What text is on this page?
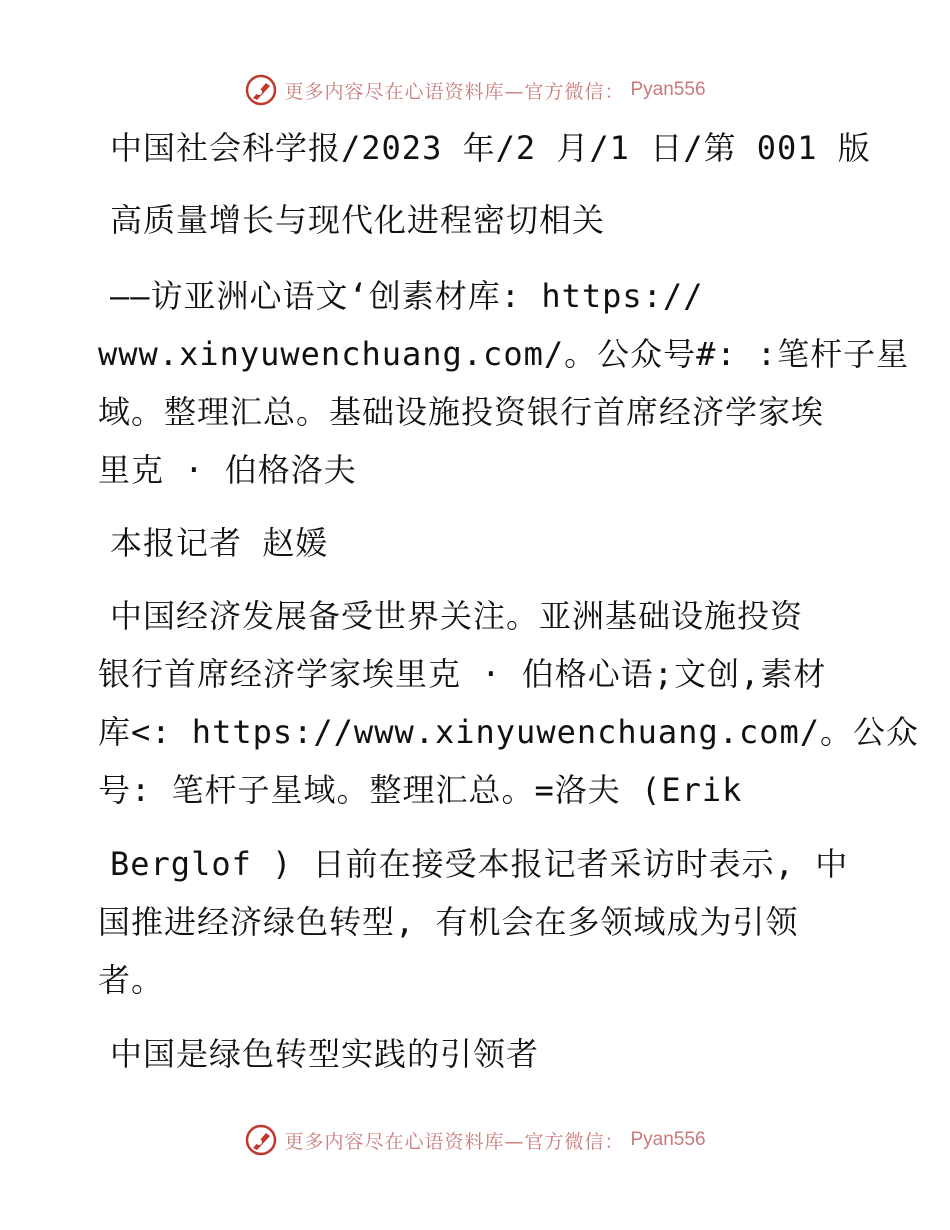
更多内容尽在心语资料库—官方微信： Pyan556
中国社会科学报/2023 年/2 月/1 日/第 001 版
高质量增长与现代化进程密切相关
——访亚洲心语文‘创素材库: https://
www.xinyuwenchuang.com/。公众号#: :笔杆子星
域。整理汇总。基础设施投资银行首席经济学家埃
里克 · 伯格洛夫
本报记者 赵媛
中国经济发展备受世界关注。亚洲基础设施投资
银行首席经济学家埃里克 · 伯格心语;文创,素材
库<: https://www.xinyuwenchuang.com/。公众
号: 笔杆子星域。整理汇总。=洛夫 (Erik
Berglof ) 日前在接受本报记者采访时表示, 中
国推进经济绿色转型, 有机会在多领域成为引领
者。
中国是绿色转型实践的引领者
更多内容尽在心语资料库—官方微信： Pyan556
